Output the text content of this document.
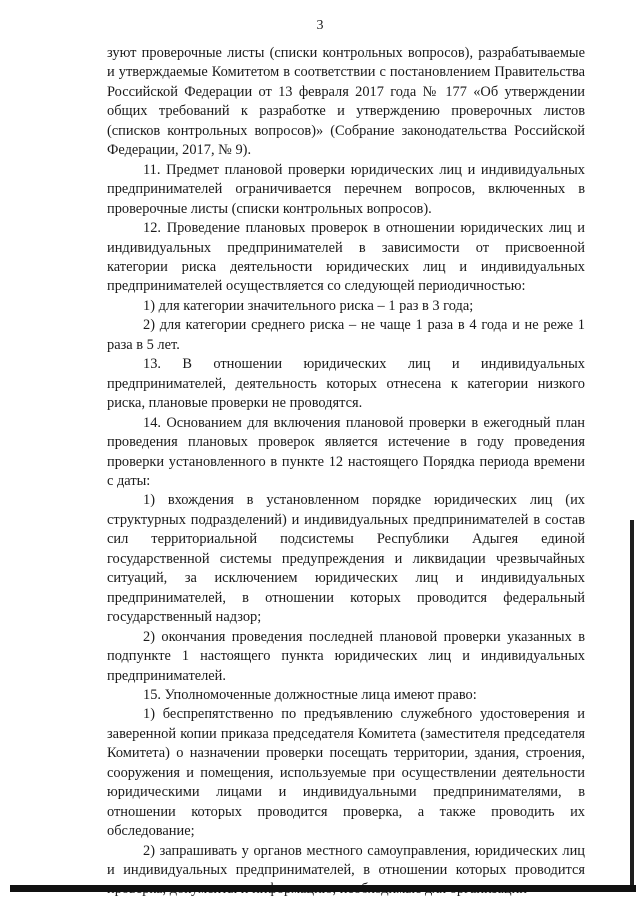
3

зуют проверочные листы (списки контрольных вопросов), разрабатываемые и утверждаемые Комитетом в соответствии с постановлением Правительства Российской Федерации от 13 февраля 2017 года № 177 «Об утверждении общих требований к разработке и утверждению проверочных листов (списков контрольных вопросов)» (Собрание законодательства Российской Федерации, 2017, № 9).

11. Предмет плановой проверки юридических лиц и индивидуальных предпринимателей ограничивается перечнем вопросов, включенных в проверочные листы (списки контрольных вопросов).

12. Проведение плановых проверок в отношении юридических лиц и индивидуальных предпринимателей в зависимости от присвоенной категории риска деятельности юридических лиц и индивидуальных предпринимателей осуществляется со следующей периодичностью:

1) для категории значительного риска – 1 раз в 3 года;

2) для категории среднего риска – не чаще 1 раза в 4 года и не реже 1 раза в 5 лет.

13. В отношении юридических лиц и индивидуальных предпринимателей, деятельность которых отнесена к категории низкого риска, плановые проверки не проводятся.

14. Основанием для включения плановой проверки в ежегодный план проведения плановых проверок является истечение в году проведения проверки установленного в пункте 12 настоящего Порядка периода времени с даты:

1) вхождения в установленном порядке юридических лиц (их структурных подразделений) и индивидуальных предпринимателей в состав сил территориальной подсистемы Республики Адыгея единой государственной системы предупреждения и ликвидации чрезвычайных ситуаций, за исключением юридических лиц и индивидуальных предпринимателей, в отношении которых проводится федеральный государственный надзор;

2) окончания проведения последней плановой проверки указанных в подпункте 1 настоящего пункта юридических лиц и индивидуальных предпринимателей.

15. Уполномоченные должностные лица имеют право:

1) беспрепятственно по предъявлению служебного удостоверения и заверенной копии приказа председателя Комитета (заместителя председателя Комитета) о назначении проверки посещать территории, здания, строения, сооружения и помещения, используемые при осуществлении деятельности юридическими лицами и индивидуальными предпринимателями, в отношении которых проводится проверка, а также проводить их обследование;

2) запрашивать у органов местного самоуправления, юридических лиц и индивидуальных предпринимателей, в отношении которых проводится
